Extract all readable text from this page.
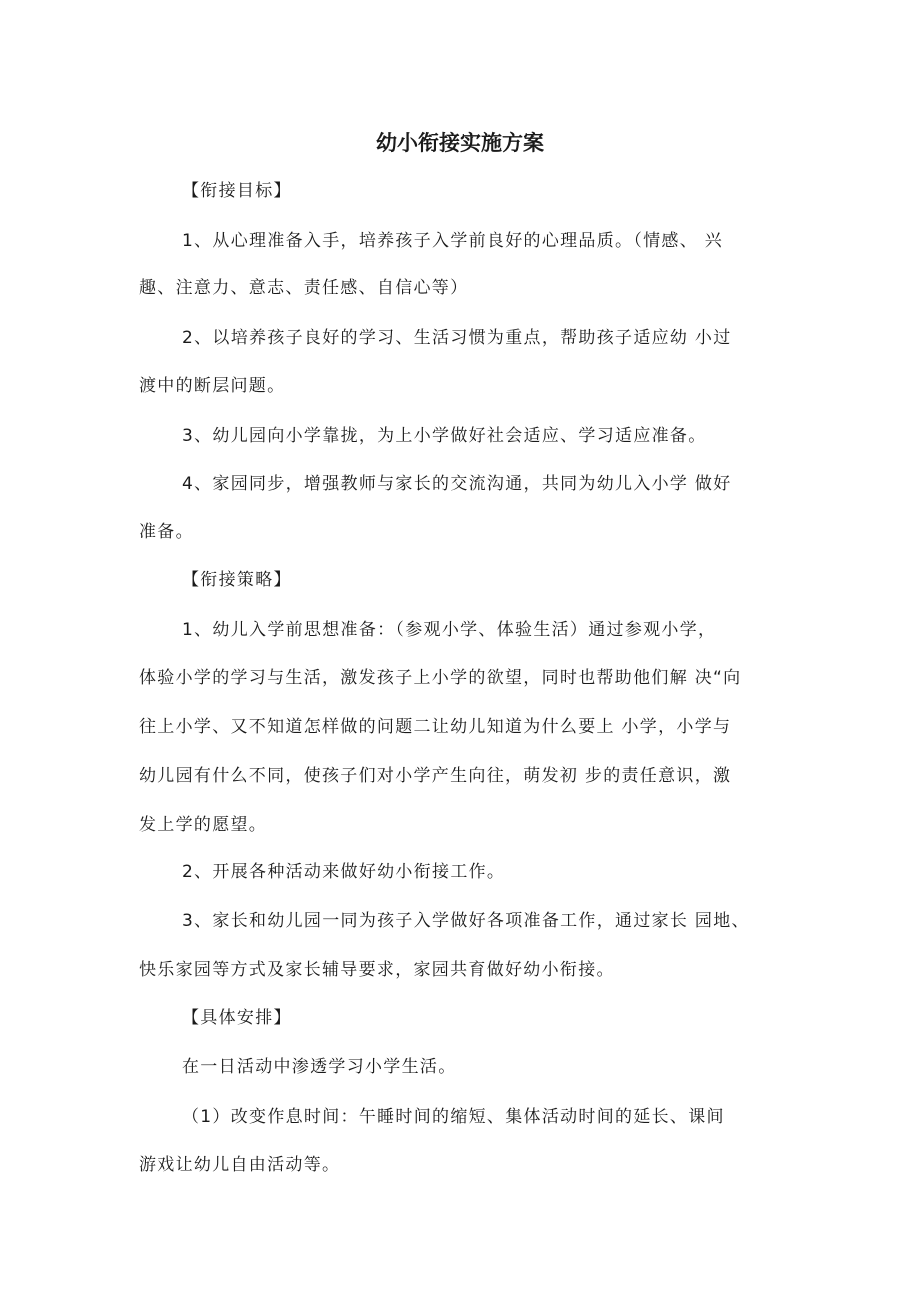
幼小衔接实施方案
【衔接目标】
1、从心理准备入手，培养孩子入学前良好的心理品质。（情感、 兴
趣、注意力、意志、责任感、自信心等）
2、以培养孩子良好的学习、生活习惯为重点，帮助孩子适应幼 小过
渡中的断层问题。
3、幼儿园向小学靠拢，为上小学做好社会适应、学习适应准备。
4、家园同步，增强教师与家长的交流沟通，共同为幼儿入小学 做好
准备。
【衔接策略】
1、幼儿入学前思想准备：（参观小学、体验生活）通过参观小学，
体验小学的学习与生活，激发孩子上小学的欲望，同时也帮助他们解 决“向
往上小学、又不知道怎样做的问题二让幼儿知道为什么要上 小学，小学与
幼儿园有什么不同，使孩子们对小学产生向往，萌发初 步的责任意识，激
发上学的愿望。
2、开展各种活动来做好幼小衔接工作。
3、家长和幼儿园一同为孩子入学做好各项准备工作，通过家长 园地、
快乐家园等方式及家长辅导要求，家园共育做好幼小衔接。
【具体安排】
在一日活动中渗透学习小学生活。
（1）改变作息时间：午睡时间的缩短、集体活动时间的延长、课间
游戏让幼儿自由活动等。
